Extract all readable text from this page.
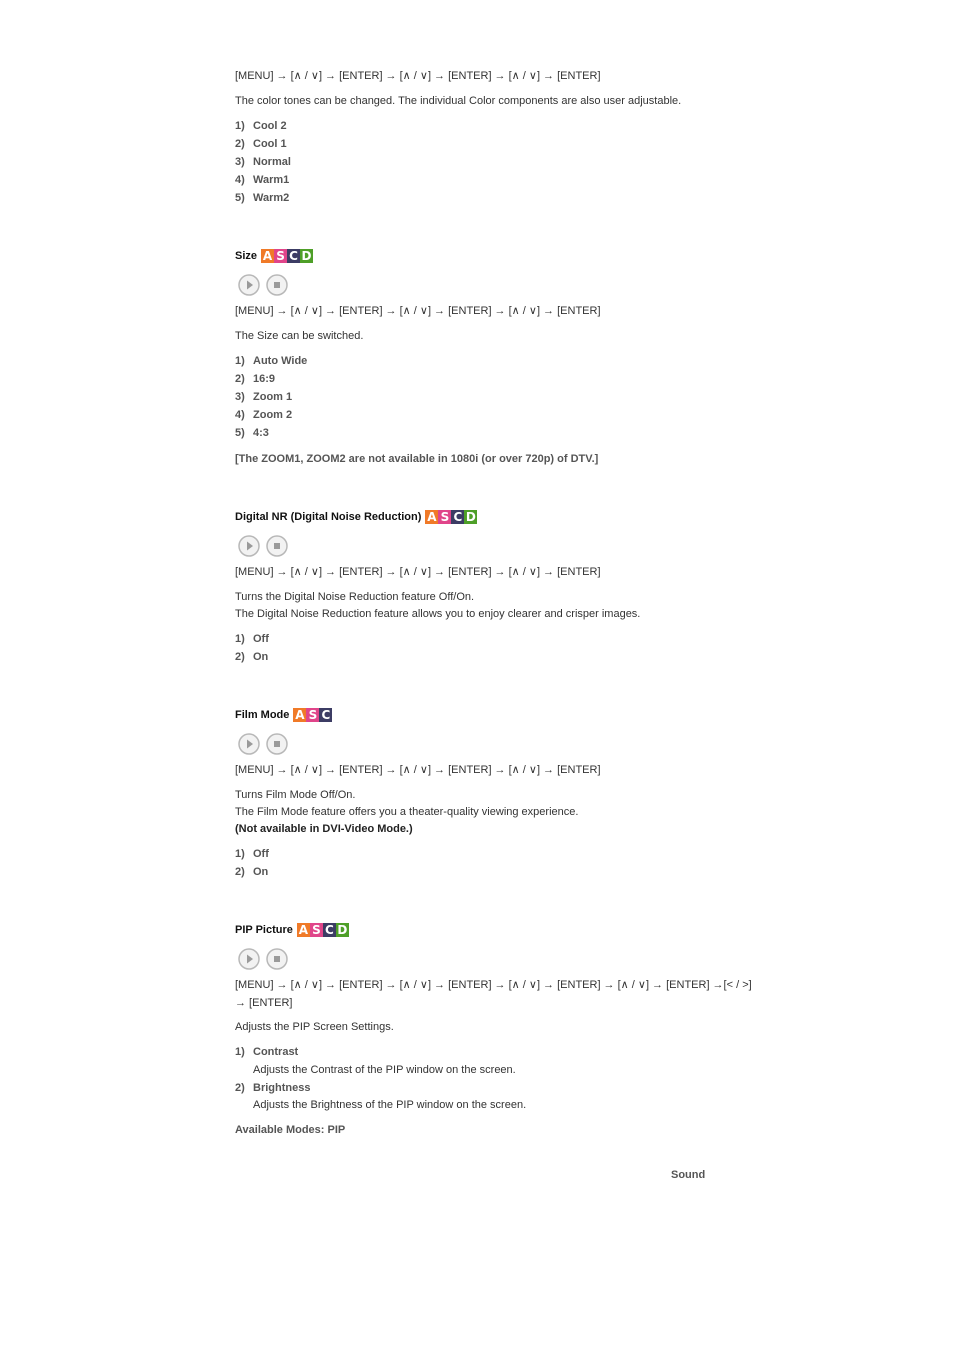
[MENU] → [∧ / ∨] → [ENTER] → [∧ / ∨] → [ENTER] → [∧ / ∨] → [ENTER]
The color tones can be changed. The individual Color components are also user adjustable.
1) Cool 2
2) Cool 1
3) Normal
4) Warm1
5) Warm2
Size A S C D
[MENU] → [∧ / ∨] → [ENTER] → [∧ / ∨] → [ENTER] → [∧ / ∨] → [ENTER]
The Size can be switched.
1) Auto Wide
2) 16:9
3) Zoom 1
4) Zoom 2
5) 4:3
[The ZOOM1, ZOOM2 are not available in 1080i (or over 720p) of DTV.]
Digital NR (Digital Noise Reduction) A S C D
[MENU] → [∧ / ∨] → [ENTER] → [∧ / ∨] → [ENTER] → [∧ / ∨] → [ENTER]
Turns the Digital Noise Reduction feature Off/On.
The Digital Noise Reduction feature allows you to enjoy clearer and crisper images.
1) Off
2) On
Film Mode A S C
[MENU] → [∧ / ∨] → [ENTER] → [∧ / ∨] → [ENTER] → [∧ / ∨] → [ENTER]
Turns Film Mode Off/On.
The Film Mode feature offers you a theater-quality viewing experience.
(Not available in DVI-Video Mode.)
1) Off
2) On
PIP Picture A S C D
[MENU] → [∧ / ∨] → [ENTER] → [∧ / ∨] → [ENTER] → [∧ / ∨] → [ENTER] → [∧ / ∨] → [ENTER] →[< / >]
→ [ENTER]
Adjusts the PIP Screen Settings.
1) Contrast
Adjusts the Contrast of the PIP window on the screen.
2) Brightness
Adjusts the Brightness of the PIP window on the screen.
Available Modes: PIP
Sound
